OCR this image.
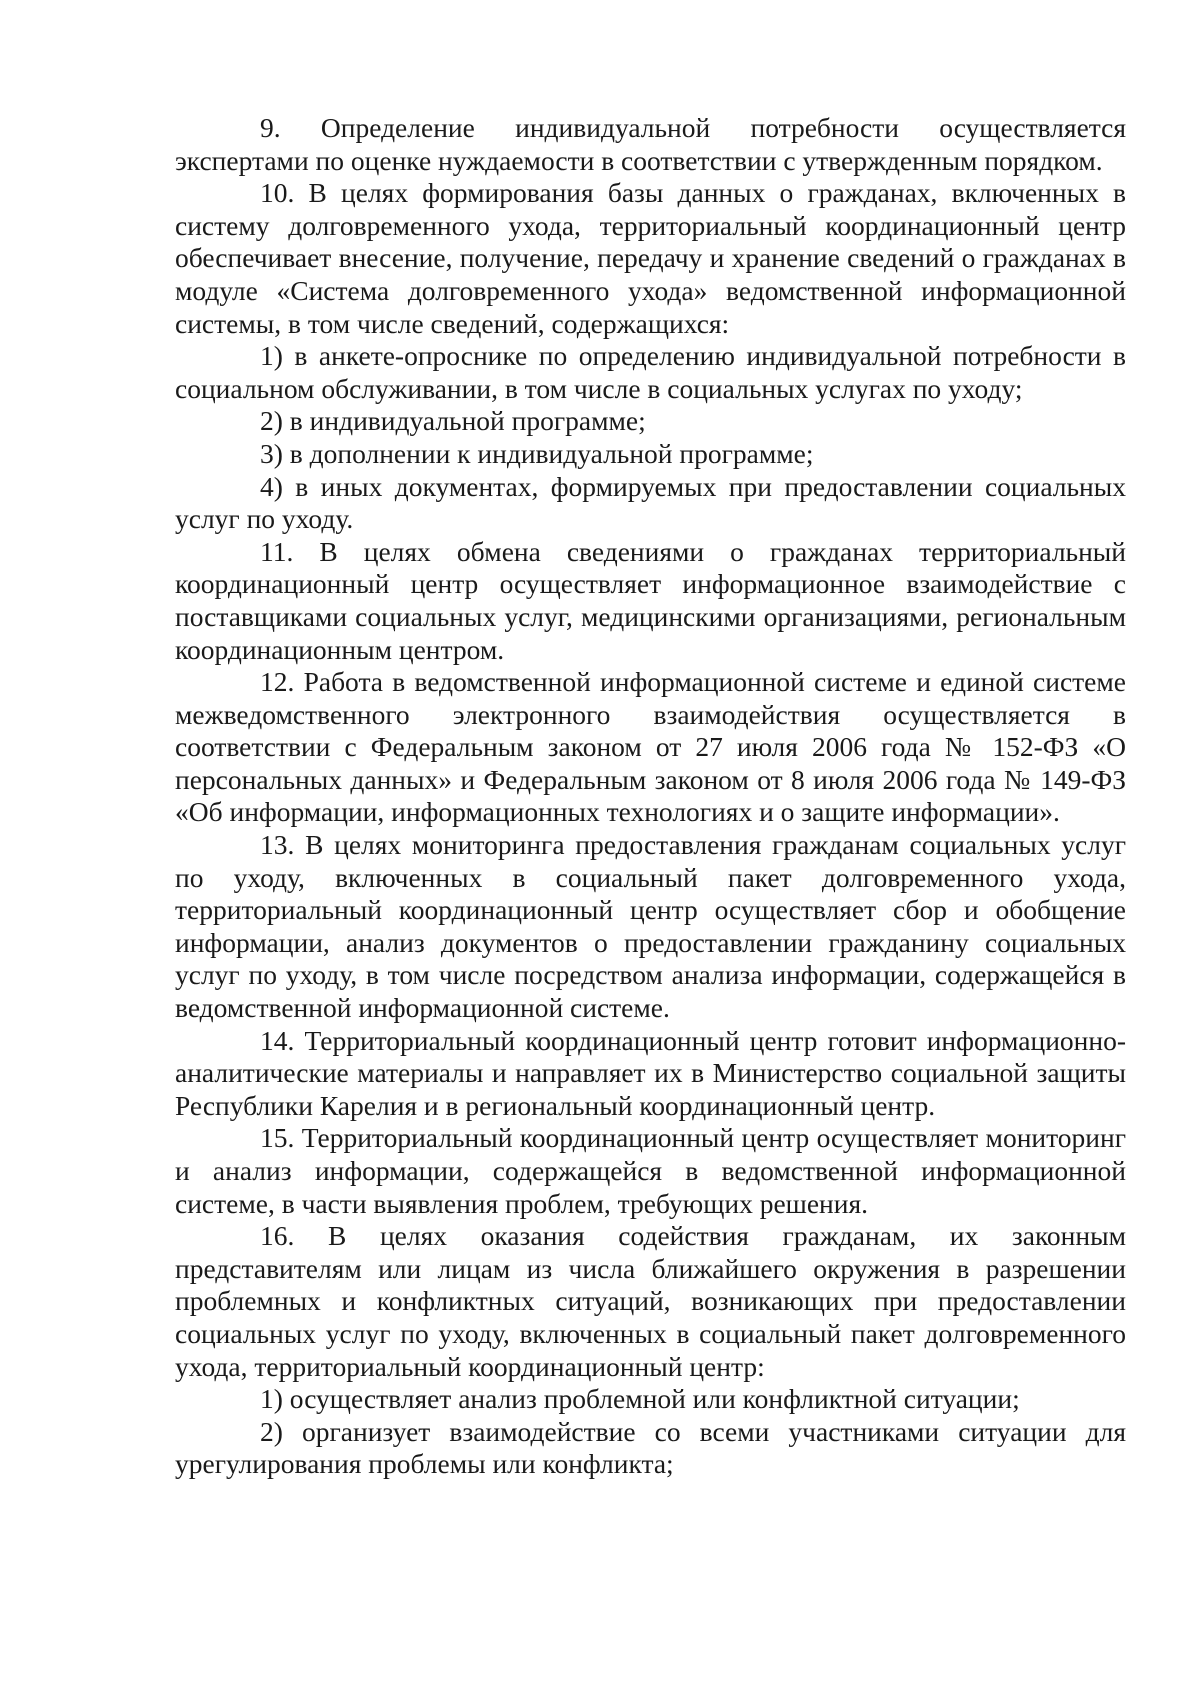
9. Определение индивидуальной потребности осуществляется экспертами по оценке нуждаемости в соответствии с утвержденным порядком.

10. В целях формирования базы данных о гражданах, включенных в систему долговременного ухода, территориальный координационный центр обеспечивает внесение, получение, передачу и хранение сведений о гражданах в модуле «Система долговременного ухода» ведомственной информационной системы, в том числе сведений, содержащихся:

1) в анкете-опроснике по определению индивидуальной потребности в социальном обслуживании, в том числе в социальных услугах по уходу;

2) в индивидуальной программе;

3) в дополнении к индивидуальной программе;

4) в иных документах, формируемых при предоставлении социальных услуг по уходу.

11. В целях обмена сведениями о гражданах территориальный координационный центр осуществляет информационное взаимодействие с поставщиками социальных услуг, медицинскими организациями, региональным координационным центром.

12. Работа в ведомственной информационной системе и единой системе межведомственного электронного взаимодействия осуществляется в соответствии с Федеральным законом от 27 июля 2006 года № 152-ФЗ «О персональных данных» и Федеральным законом от 8 июля 2006 года № 149-ФЗ «Об информации, информационных технологиях и о защите информации».

13. В целях мониторинга предоставления гражданам социальных услуг по уходу, включенных в социальный пакет долговременного ухода, территориальный координационный центр осуществляет сбор и обобщение информации, анализ документов о предоставлении гражданину социальных услуг по уходу, в том числе посредством анализа информации, содержащейся в ведомственной информационной системе.

14. Территориальный координационный центр готовит информационно-аналитические материалы и направляет их в Министерство социальной защиты Республики Карелия и в региональный координационный центр.

15. Территориальный координационный центр осуществляет мониторинг и анализ информации, содержащейся в ведомственной информационной системе, в части выявления проблем, требующих решения.

16. В целях оказания содействия гражданам, их законным представителям или лицам из числа ближайшего окружения в разрешении проблемных и конфликтных ситуаций, возникающих при предоставлении социальных услуг по уходу, включенных в социальный пакет долговременного ухода, территориальный координационный центр:

1) осуществляет анализ проблемной или конфликтной ситуации;

2) организует взаимодействие со всеми участниками ситуации для урегулирования проблемы или конфликта;
